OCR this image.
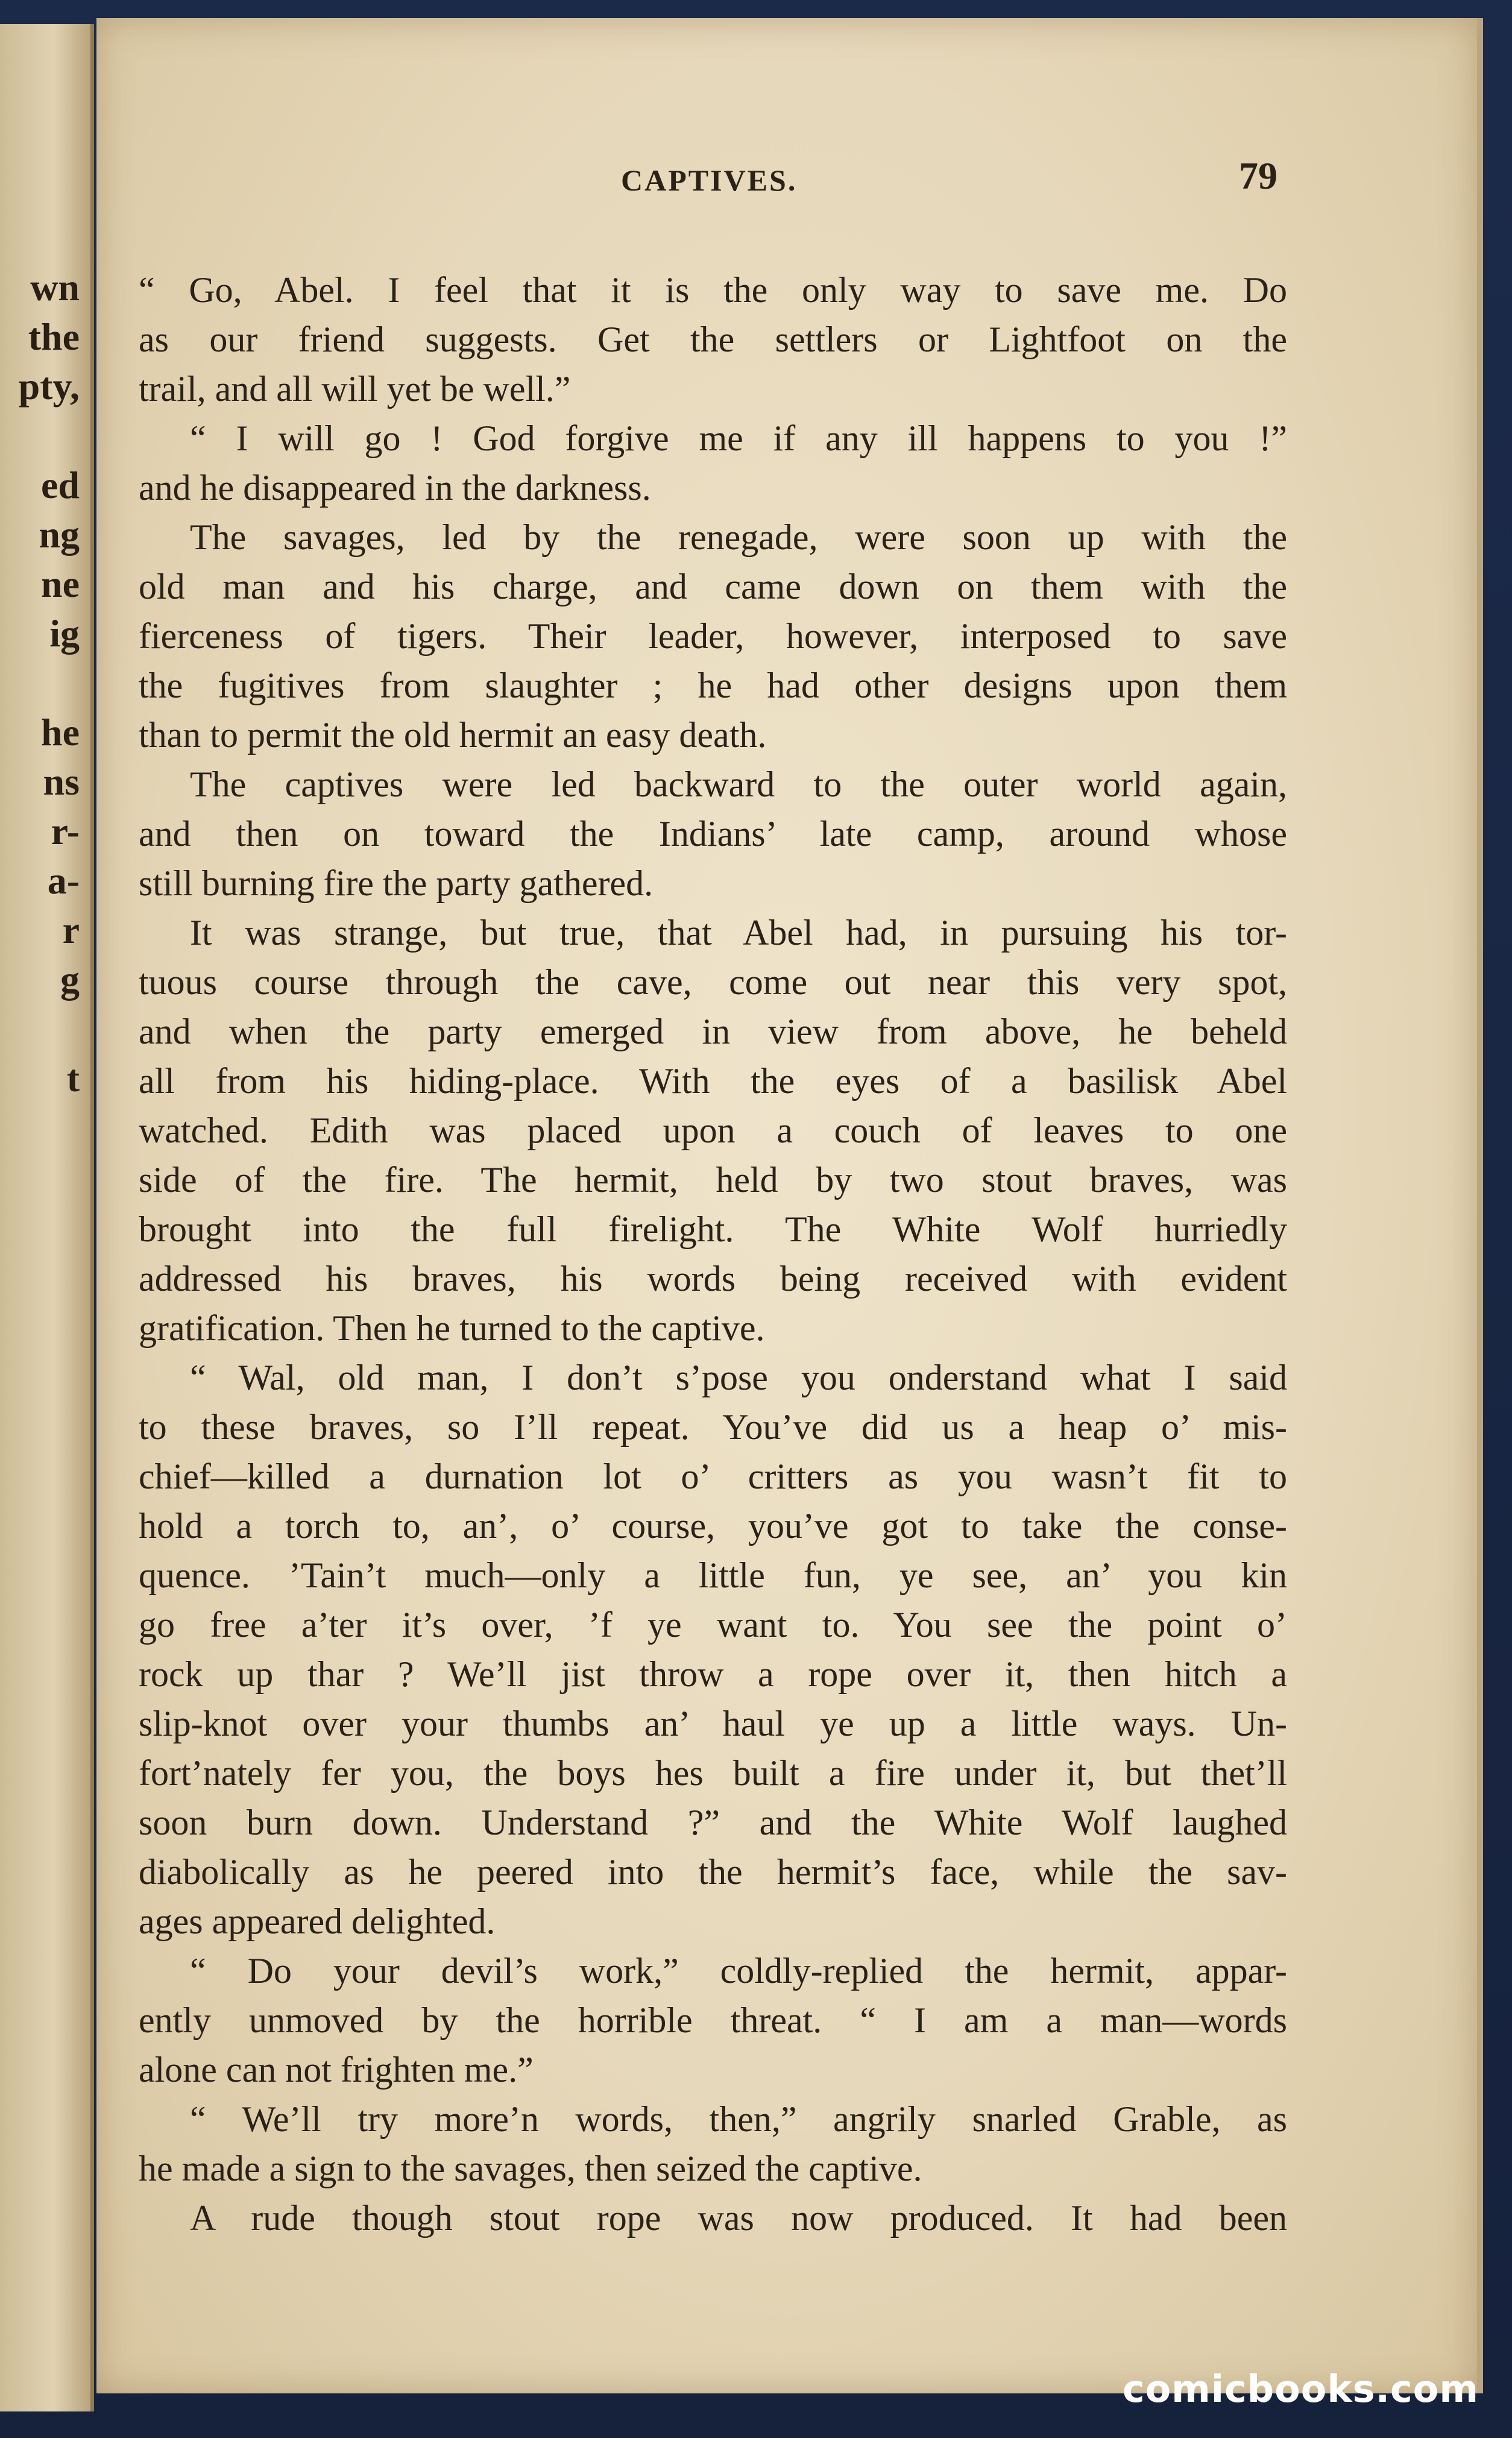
wn
the
pty,
ed
ng
ne
ig
he
ns
r-
a-
r
g
t
CAPTIVES.	79
“ Go, Abel. I feel that it is the only way to save me. Do
as our friend suggests. Get the settlers or Lightfoot on the
trail, and all will yet be well.”
“ I will go ! God forgive me if any ill happens to you !”
and he disappeared in the darkness.
The savages, led by the renegade, were soon up with the
old man and his charge, and came down on them with the
fierceness of tigers. Their leader, however, interposed to save
the fugitives from slaughter ; he had other designs upon them
than to permit the old hermit an easy death.
The captives were led backward to the outer world again,
and then on toward the Indians’ late camp, around whose
still burning fire the party gathered.
It was strange, but true, that Abel had, in pursuing his tor-
tuous course through the cave, come out near this very spot,
and when the party emerged in view from above, he beheld
all from his hiding-place. With the eyes of a basilisk Abel
watched. Edith was placed upon a couch of leaves to one
side of the fire. The hermit, held by two stout braves, was
brought into the full firelight. The White Wolf hurriedly
addressed his braves, his words being received with evident
gratification. Then he turned to the captive.
“ Wal, old man, I don’t s’pose you onderstand what I said
to these braves, so I’ll repeat. You’ve did us a heap o’ mis-
chief—killed a durnation lot o’ critters as you wasn’t fit to
hold a torch to, an’, o’ course, you’ve got to take the conse-
quence. ’Tain’t much—only a little fun, ye see, an’ you kin
go free a’ter it’s over, ’f ye want to. You see the point o’
rock up thar ? We’ll jist throw a rope over it, then hitch a
slip-knot over your thumbs an’ haul ye up a little ways. Un-
fort’nately fer you, the boys hes built a fire under it, but thet’ll
soon burn down. Understand ?” and the White Wolf laughed
diabolically as he peered into the hermit’s face, while the sav-
ages appeared delighted.
“ Do your devil’s work,” coldly-replied the hermit, appar-
ently unmoved by the horrible threat. “ I am a man—words
alone can not frighten me.”
“ We’ll try more’n words, then,” angrily snarled Grable, as
he made a sign to the savages, then seized the captive.
A rude though stout rope was now produced. It had been
comicbooks.com
